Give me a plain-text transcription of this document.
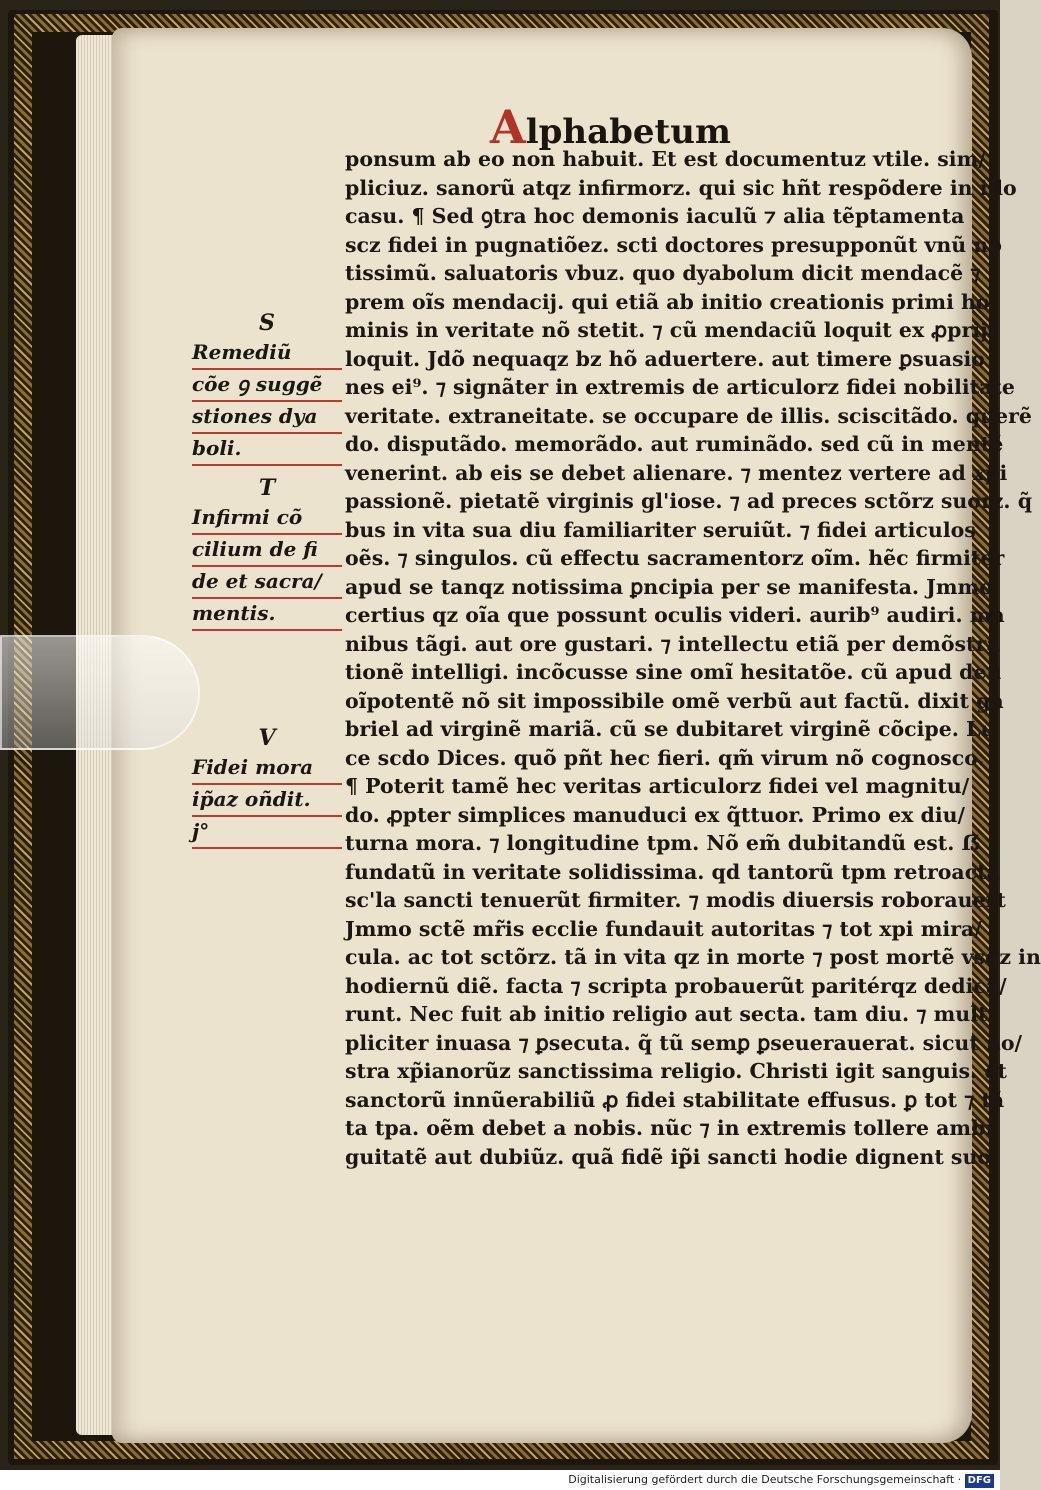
Alphabetum
ponsum ab eo non habuit. Et est documentuz vtile. sim/
pliciuz. sanorũ atqz infirmorz. qui sic hñt respõdere in illo
casu. ¶ Sed ꝯtra hoc demonis iaculũ ⁊ alia tẽptamenta
scz fidei in pugnatiõez. scti doctores presupponũt vnũ no
tissimũ. saluatoris vbuz. quo dyabolum dicit mendacẽ ⁊
prem oĩs mendacij. qui etiã ab initio creationis primi ho
minis in veritate nõ stetit. ⁊ cũ mendaciũ loquit ex ꝓprijs
loquit. Jdõ nequaqz bz hõ aduertere. aut timere ꝑsuasio
nes ei⁹. ⁊ signãter in extremis de articulorz fidei nobilitate
veritate. extraneitate. se occupare de illis. sciscitãdo. querẽ
do. disputãdo. memorãdo. aut ruminãdo. sed cũ in mentẽ
venerint. ab eis se debet alienare. ⁊ mentez vertere ad xpi
passionẽ. pietatẽ virginis gl'iose. ⁊ ad preces sctõrz suorz. q̃
bus in vita sua diu familiariter seruiũt. ⁊ fidei articulos
oẽs. ⁊ singulos. cũ effectu sacramentorz oĩm. hẽc firmiter
apud se tanqz notissima ꝑncipia per se manifesta. Jmmo
certius qz oĩa que possunt oculis videri. aurib⁹ audiri. ma
nibus tãgi. aut ore gustari. ⁊ intellectu etiã per demõstra
tionẽ intelligi. incõcusse sine omĩ hesitatõe. cũ apud deũ
oĩpotentẽ nõ sit impossibile omẽ verbũ aut factũ. dixit ga
briel ad virginẽ mariã. cũ se dubitaret virginẽ cõcipe. Lu
ce scdo Dices. quõ pñt hec fieri. qm̃ virum nõ cognosco.
¶ Poterit tamẽ hec veritas articulorz fidei vel magnitu/
do. ꝓpter simplices manuduci ex q̃ttuor. Primo ex diu/
turna mora. ⁊ longitudine tpm. Nõ em̃ dubitandũ est. ẞ
fundatũ in veritate solidissima. qd tantorũ tpm retroacta
sc'la sancti tenuerũt firmiter. ⁊ modis diuersis roborauert
Jmmo sctẽ mr̃is ecclie fundauit autoritas ⁊ tot xpi mira/
cula. ac tot sctõrz. tã in vita qz in morte ⁊ post mortẽ vsqz in
hodiernũ diẽ. facta ⁊ scripta probauerũt paritérqz dedica/
runt. Nec fuit ab initio religio aut secta. tam diu. ⁊ multi
pliciter inuasa ⁊ ꝑsecuta. q̃ tũ semꝑ ꝑseuerauerat. sicut no/
stra xp̃ianorũz sanctissima religio. Christi igit sanguis. et
sanctorũ innũerabiliũ ꝓ fidei stabilitate effusus. ꝑ tot ⁊ tã
ta tpa. oẽm debet a nobis. nũc ⁊ in extremis tollere ambi
guitatẽ aut dubiũz. quã fidẽ ip̃i sancti hodie dignent suo
S
Remediũ
cõe ꝯ suggẽ
stiones dya
boli.
T
Infirmi cõ
cilium de fi
de et sacra/
mentis.
V
Fidei mora
ip̃az oñdit.
j°
Digitalisierung gefördert durch die Deutsche Forschungsgemeinschaft · DFG
